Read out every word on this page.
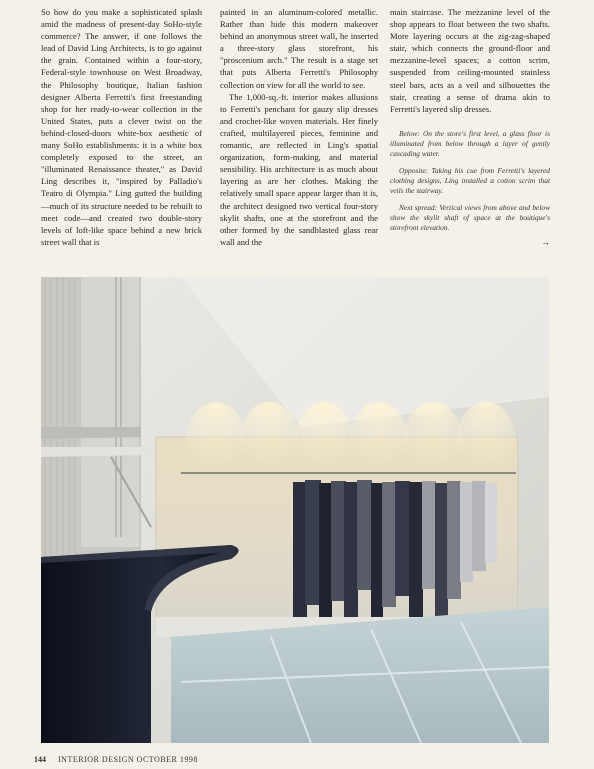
So how do you make a sophisticated splash amid the madness of present-day SoHo-style commerce? The answer, if one follows the lead of David Ling Architects, is to go against the grain. Contained within a four-story, Federal-style townhouse on West Broadway, the Philosophy boutique, Italian fashion designer Alberta Ferretti's first freestanding shop for her ready-to-wear collection in the United States, puts a clever twist on the behind-closed-doors white-box aesthetic of many SoHo establishments: it is a white box completely exposed to the street, an "illuminated Renaissance theater," as David Ling describes it, "inspired by Palladio's Teatro di Olympia." Ling gutted the building—much of its structure needed to be rebuilt to meet code—and created two double-story levels of loft-like space behind a new brick street wall that is

painted in an aluminum-colored metallic. Rather than hide this modern makeover behind an anonymous street wall, he inserted a three-story glass storefront, his "proscenium arch." The result is a stage set that puts Alberta Ferretti's Philosophy collection on view for all the world to see.

The 1,000-sq.-ft. interior makes allusions to Ferretti's penchant for gauzy slip dresses and crochet-like woven materials. Her finely crafted, multilayered pieces, feminine and romantic, are reflected in Ling's spatial organization, form-making, and material sensibility. His architecture is as much about layering as are her clothes. Making the relatively small space appear larger than it is, the architect designed two vertical four-story skylit shafts, one at the storefront and the other formed by the sandblasted glass rear wall and the

main staircase. The mezzanine level of the shop appears to float between the two shafts. More layering occurs at the zig-zag-shaped stair, which connects the ground-floor and mezzanine-level spaces; a cotton scrim, suspended from ceiling-mounted stainless steel bars, acts as a veil and silhouettes the stair, creating a sense of drama akin to Ferretti's layered slip dresses.

Below: On the store's first level, a glass floor is illuminated from below through a layer of gently cascading water.

Opposite: Taking his cue from Ferretti's layered clothing designs, Ling installed a cotton scrim that veils the stairway.

Next spread: Vertical views from above and below show the skylit shaft of space at the boutique's storefront elevation.

→
144 INTERIOR DESIGN OCTOBER 1998
